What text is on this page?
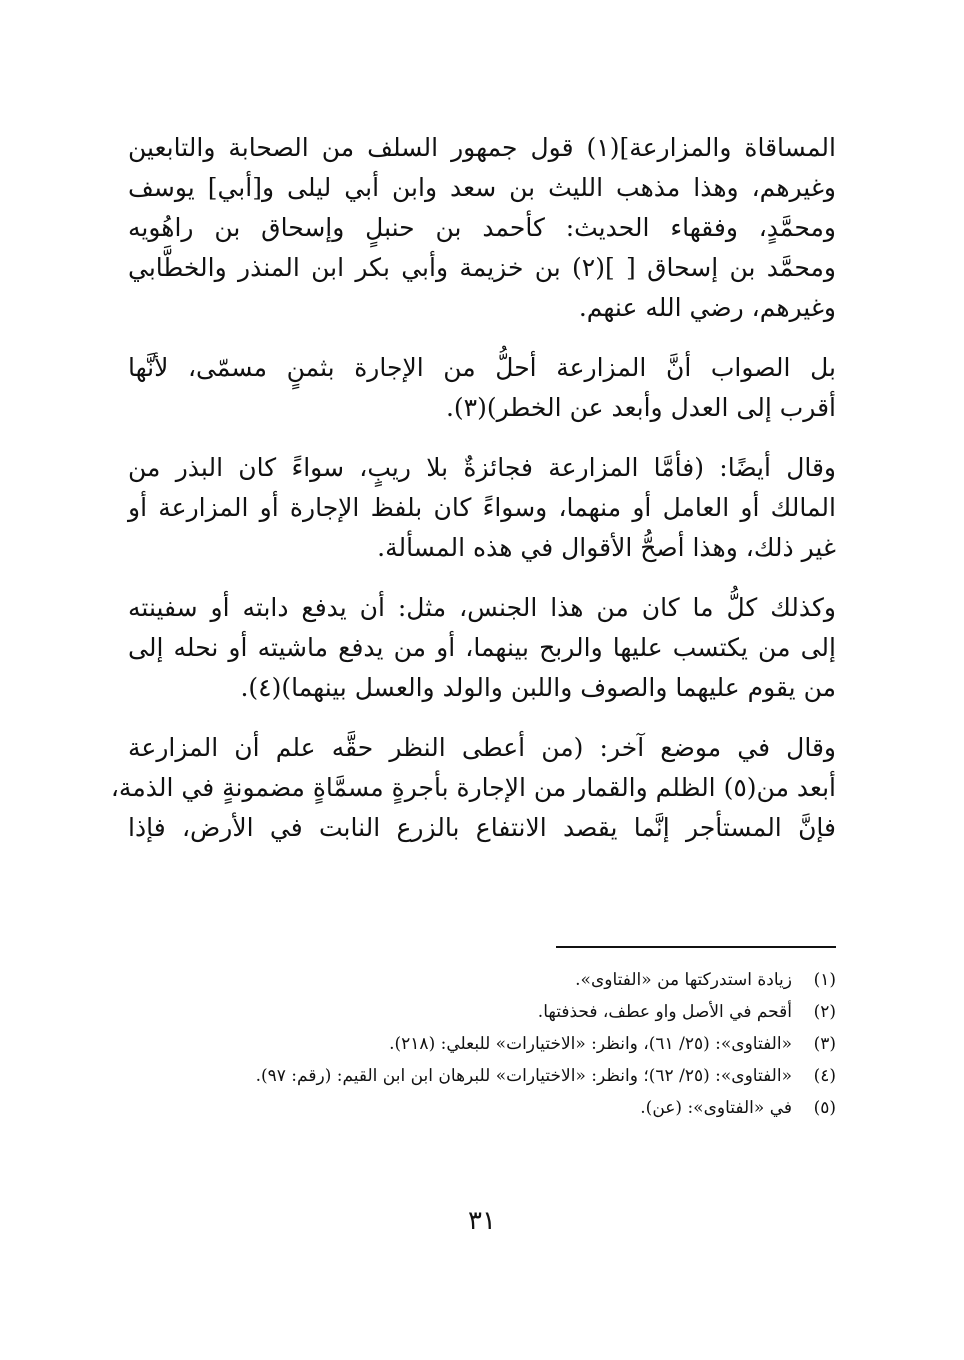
المساقاة والمزارعة](١) قول جمهور السلف من الصحابة والتابعين
وغيرهم، وهذا مذهب الليث بن سعد وابن أبي ليلى و[أبي] يوسف
ومحمَّدٍ، وفقهاء الحديث: كأحمد بن حنبلٍ وإسحاق بن راهُويه
ومحمَّد بن إسحاق [ ](٢) بن خزيمة وأبي بكر ابن المنذر والخطَّابي
وغيرهم، رضي الله عنهم.
بل الصواب أنَّ المزارعة أحلُّ من الإجارة بثمنٍ مسمّى، لأنَّها
أقرب إلى العدل وأبعد عن الخطر)(٣).
وقال أيضًا: (فأمَّا المزارعة فجائزةٌ بلا ريبٍ، سواءً كان البذر من
المالك أو العامل أو منهما، وسواءً كان بلفظ الإجارة أو المزارعة أو
غير ذلك، وهذا أصحُّ الأقوال في هذه المسألة.
وكذلك كلُّ ما كان من هذا الجنس، مثل: أن يدفع دابته أو سفينته
إلى من يكتسب عليها والربح بينهما، أو من يدفع ماشيته أو نحله إلى
من يقوم عليهما والصوف واللبن والولد والعسل بينهما)(٤).
وقال في موضع آخر: (من أعطى النظر حقَّه علم أن المزارعة
أبعد من(٥) الظلم والقمار من الإجارة بأجرةٍ مسمَّاةٍ مضمونةٍ في الذمة،
فإنَّ المستأجر إنَّما يقصد الانتفاع بالزرع النابت في الأرض، فإذا
(١)
زيادة استدركتها من «الفتاوى».
(٢)
أقحم في الأصل واو عطف، فحذفتها.
(٣)
«الفتاوى»: (٢٥/ ٦١)، وانظر: «الاختيارات» للبعلي: (٢١٨).
(٤)
«الفتاوى»: (٢٥/ ٦٢)؛ وانظر: «الاختيارات» للبرهان ابن ابن القيم: (رقم: ٩٧).
(٥)
في «الفتاوى»: (عن).
٣١
